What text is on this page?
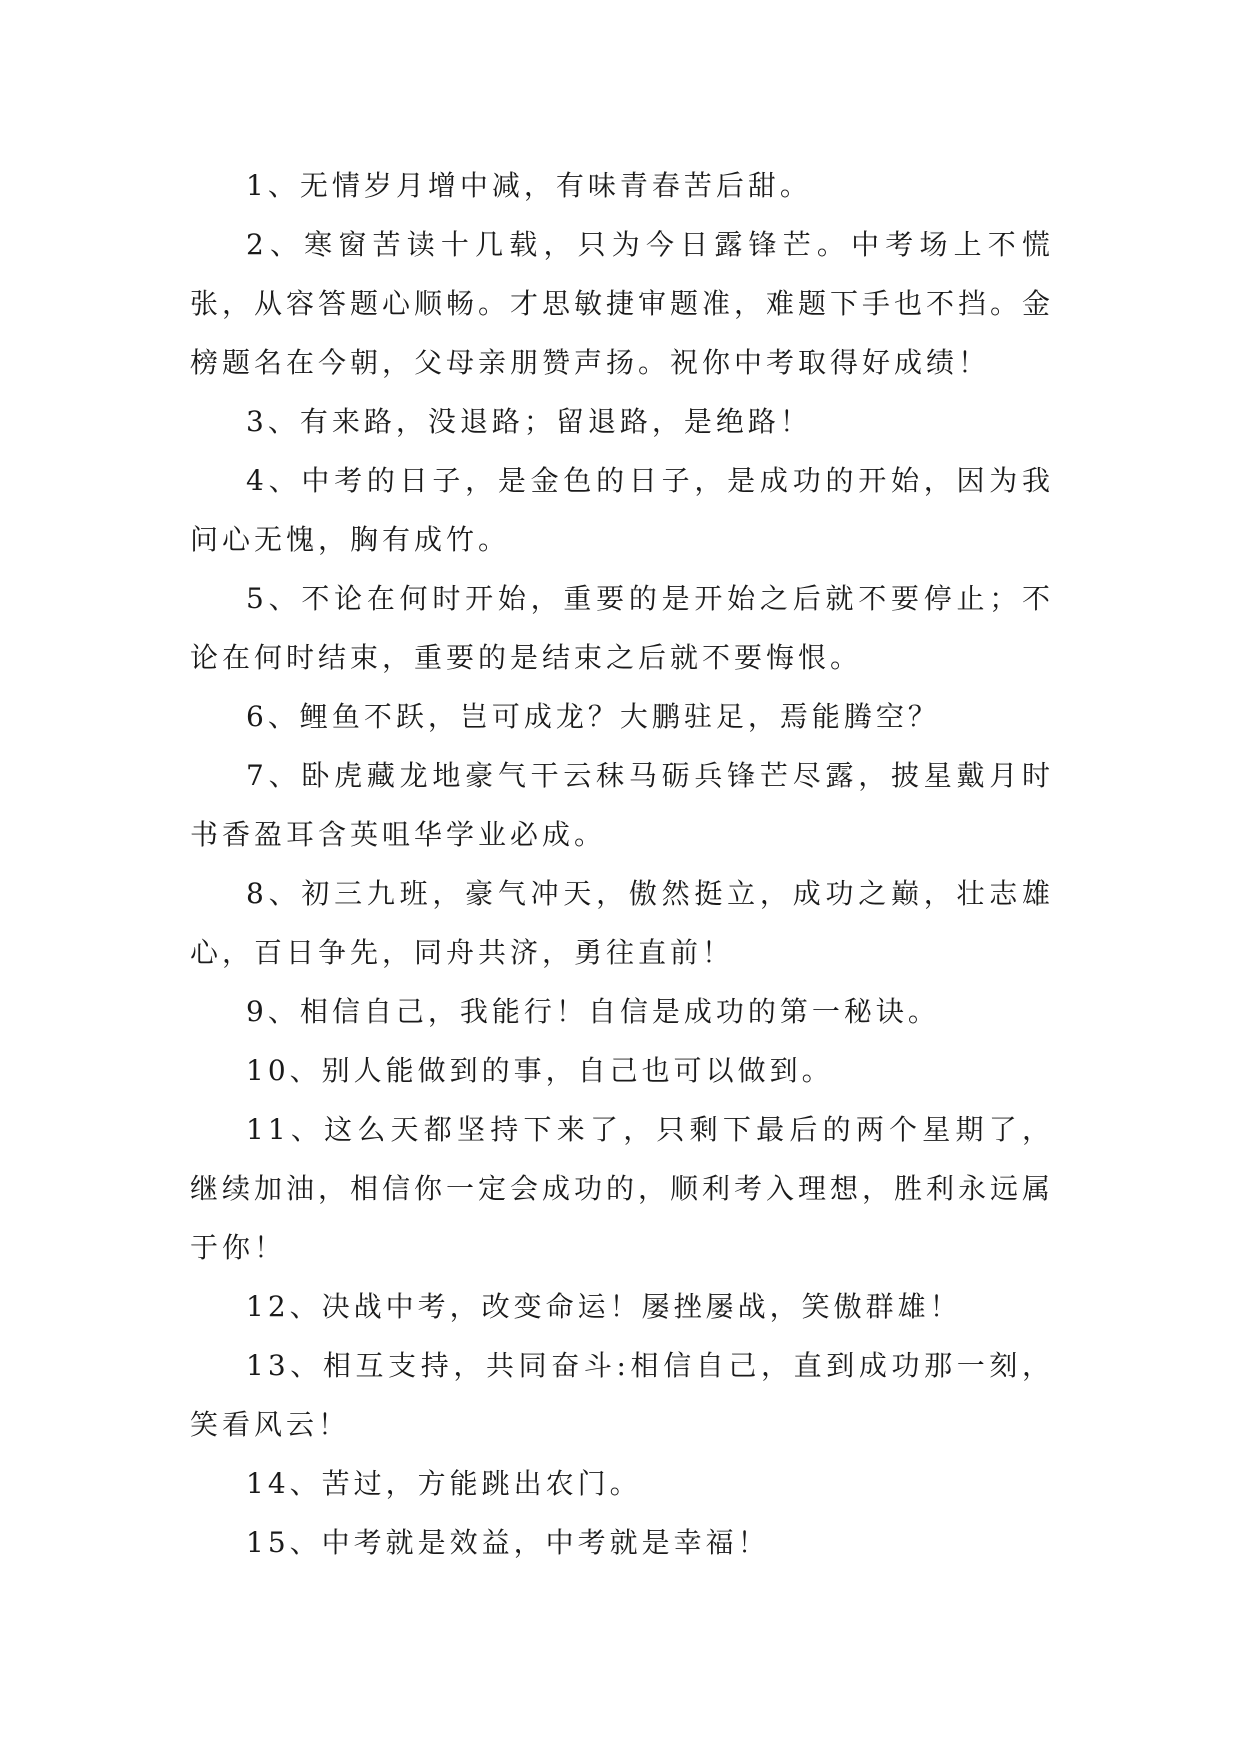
1、无情岁月增中减，有味青春苦后甜。

2、寒窗苦读十几载，只为今日露锋芒。中考场上不慌张，从容答题心顺畅。才思敏捷审题准，难题下手也不挡。金榜题名在今朝，父母亲朋赞声扬。祝你中考取得好成绩！

3、有来路，没退路；留退路，是绝路！

4、中考的日子，是金色的日子，是成功的开始，因为我问心无愧，胸有成竹。

5、不论在何时开始，重要的是开始之后就不要停止；不论在何时结束，重要的是结束之后就不要悔恨。

6、鲤鱼不跃，岂可成龙？大鹏驻足，焉能腾空？

7、卧虎藏龙地豪气干云秣马砺兵锋芒尽露，披星戴月时书香盈耳含英咀华学业必成。

8、初三九班，豪气冲天，傲然挺立，成功之巅，壮志雄心，百日争先，同舟共济，勇往直前！

9、相信自己，我能行！自信是成功的第一秘诀。

10、别人能做到的事，自己也可以做到。

11、这么天都坚持下来了，只剩下最后的两个星期了，继续加油，相信你一定会成功的，顺利考入理想，胜利永远属于你！

12、决战中考，改变命运！屡挫屡战，笑傲群雄！

13、相互支持，共同奋斗:相信自己，直到成功那一刻，笑看风云！

14、苦过，方能跳出农门。

15、中考就是效益，中考就是幸福！
